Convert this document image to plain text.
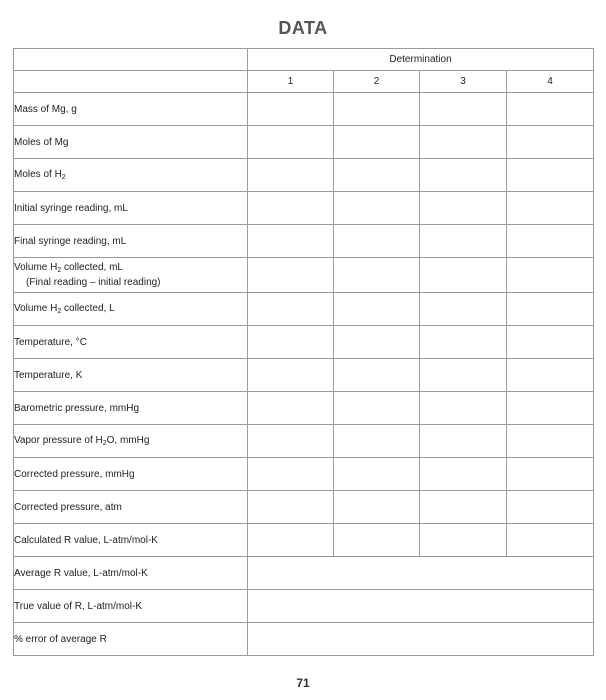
DATA
	Determination			
	1	2	3	4
Mass of Mg, g				
Moles of Mg				
Moles of $H_2$				
Initial syringe reading, mL				
Final syringe reading, mL				
Volume $H_2$ collected, mL
(Final reading – initial reading)				

Volume $H_2$ collected, L				
Temperature, °C				
Temperature, K				
Barometric pressure, mmHg				
Vapor pressure of $H_2O$, mmHg				
Corrected pressure, mmHg				
Corrected pressure, atm				
Calculated R value, L-atm/mol-K				
Average R value, L-atm/mol-K				
True value of R, L-atm/mol-K				
% error of average R				
71
